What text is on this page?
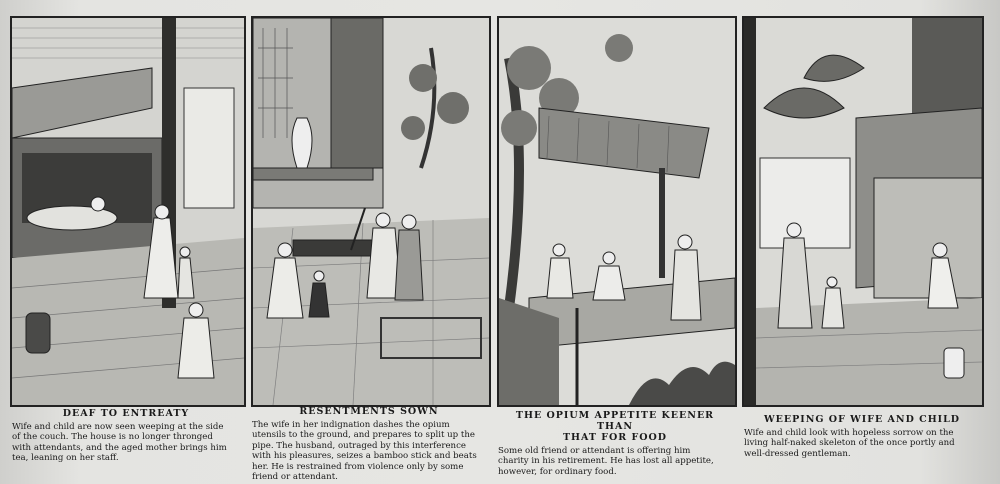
DEAF TO ENTREATY
Wife and child are now seen weeping at the side
of the couch. The house is no longer thronged
with attendants, and the aged mother brings him
tea, leaning on her staff.
RESENTMENTS SOWN
The wife in her indignation dashes the opium
utensils to the ground, and prepares to split up the
pipe. The husband, outraged by this interference
with his pleasures, seizes a bamboo stick and beats
her. He is restrained from violence only by some
friend or attendant.
THE OPIUM APPETITE KEENER THAN
THAT FOR FOOD
Some old friend or attendant is offering him
charity in his retirement. He has lost all appetite,
however, for ordinary food.
WEEPING OF WIFE AND CHILD
Wife and child look with hopeless sorrow on the
living half-naked skeleton of the once portly and
well-dressed gentleman.
